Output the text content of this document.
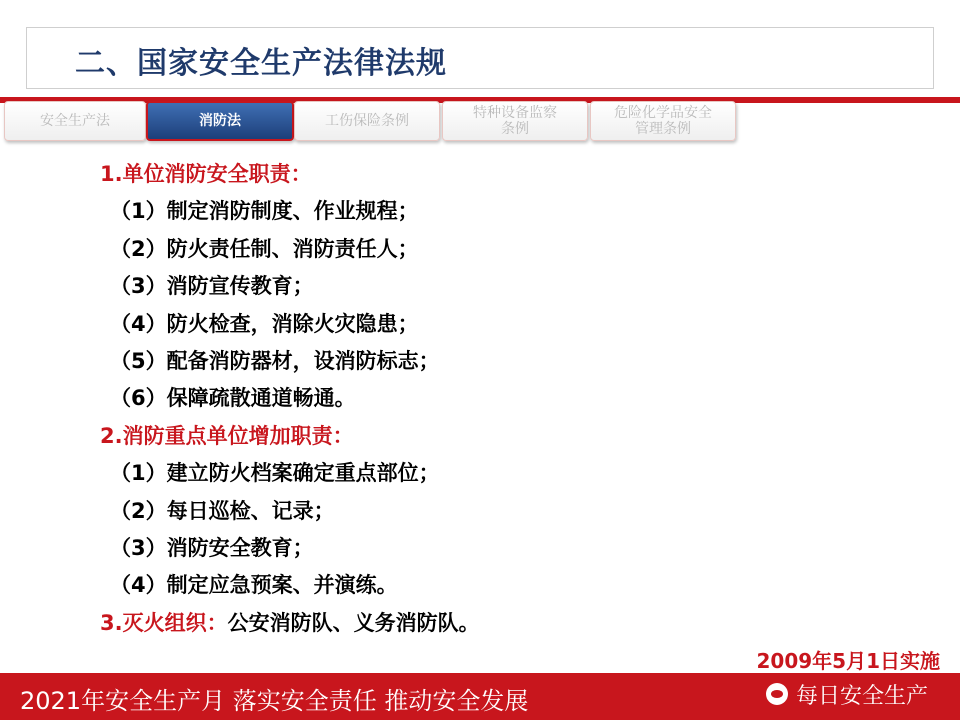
二、国家安全生产法律法规
安全生产法	消防法	工伤保险条例	特种设备监察
条例
危险化学品安全
管理条例
1.单位消防安全职责：
（1）制定消防制度、作业规程；
（2）防火责任制、消防责任人；
（3）消防宣传教育；
（4）防火检查，消除火灾隐患；
（5）配备消防器材，设消防标志；
（6）保障疏散通道畅通。
2.消防重点单位增加职责：
（1）建立防火档案确定重点部位；
（2）每日巡检、记录；
（3）消防安全教育；
（4）制定应急预案、并演练。
3.灭火组织：公安消防队、义务消防队。
2009年5月1日实施
2021年安全生产月 落实安全责任 推动安全发展	每日安全生产
